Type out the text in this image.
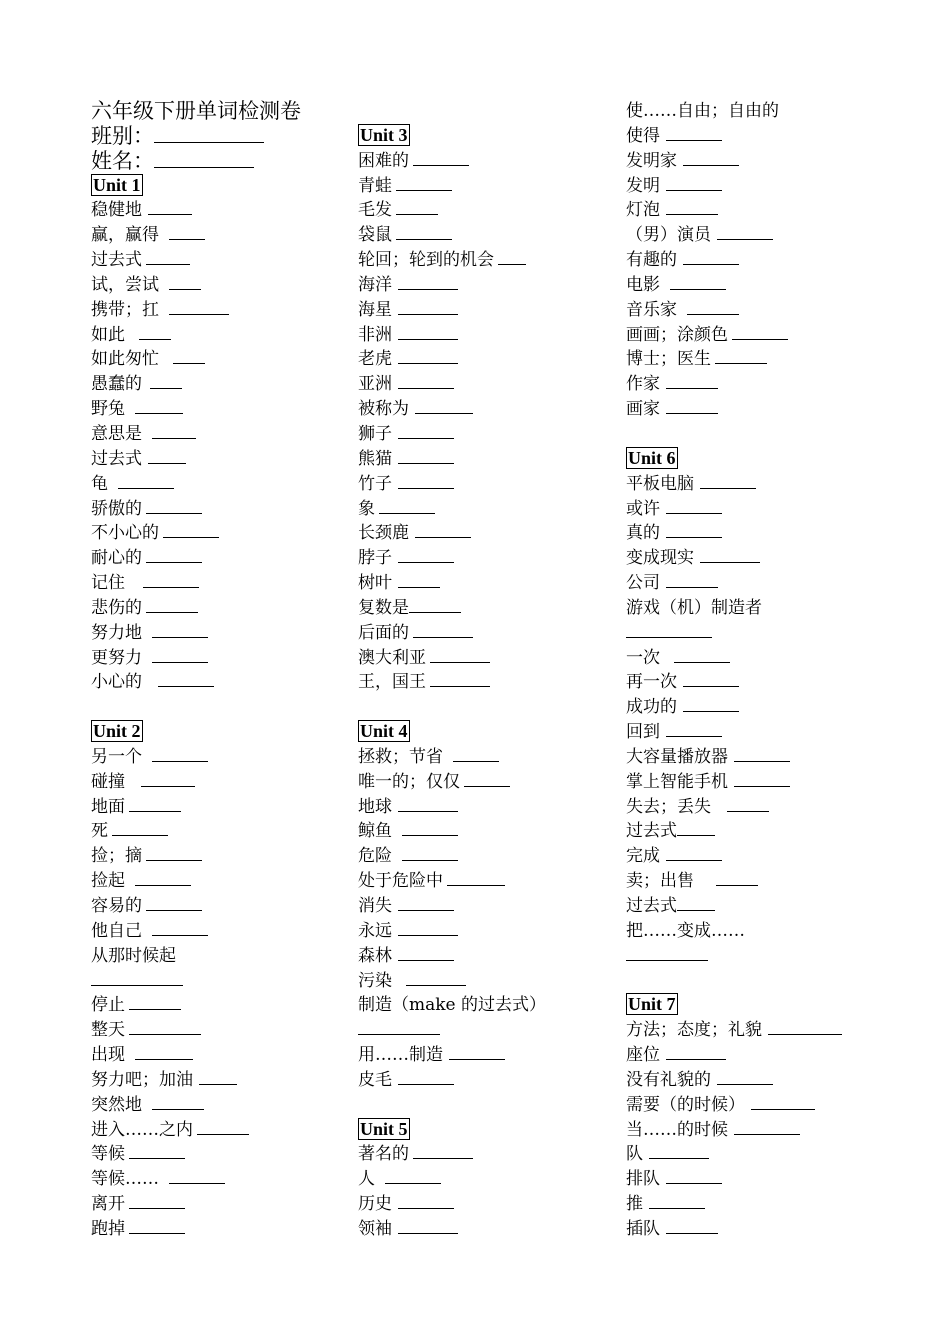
六年级下册单词检测卷
班别：
姓名：
Unit 1
稳健地
赢，赢得
过去式
试，尝试
携带；扛
如此
如此匆忙
愚蠢的
野兔
意思是
过去式
龟
骄傲的
不小心的
耐心的
记住
悲伤的
努力地
更努力
小心的
Unit 2
另一个
碰撞
地面
死
捡；摘
捡起
容易的
他自己
从那时候起
停止
整天
出现
努力吧；加油
突然地
进入……之内
等候
等候……
离开
跑掉
Unit 3
困难的
青蛙
毛发
袋鼠
轮回；轮到的机会
海洋
海星
非洲
老虎
亚洲
被称为
狮子
熊猫
竹子
象
长颈鹿
脖子
树叶
复数是
后面的
澳大利亚
王，国王
Unit 4
拯救；节省
唯一的；仅仅
地球
鲸鱼
危险
处于危险中
消失
永远
森林
污染
制造（make 的过去式）
用……制造
皮毛
Unit 5
著名的
人
历史
领袖
使……自由；自由的
使得
发明家
发明
灯泡
（男）演员
有趣的
电影
音乐家
画画；涂颜色
博士；医生
作家
画家
Unit 6
平板电脑
或许
真的
变成现实
公司
游戏（机）制造者
一次
再一次
成功的
回到
大容量播放器
掌上智能手机
失去；丢失
过去式
完成
卖；出售
过去式
把……变成……
Unit 7
方法；态度；礼貌
座位
没有礼貌的
需要（的时候）
当……的时候
队
排队
推
插队
